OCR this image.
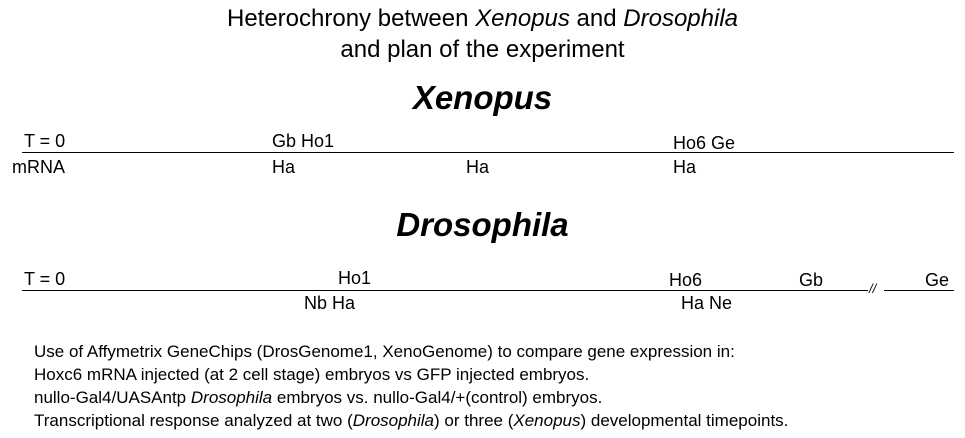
Heterochrony between Xenopus and Drosophila
and plan of the experiment
Xenopus
T = 0
mRNA
Gb Ho1
Ha	Ha
Ho6 Ge
Ha
Drosophila
T = 0	//
Ho1
Nb Ha
Ho6
Ha Ne
Gb	Ge
Use of Affymetrix GeneChips (DrosGenome1, XenoGenome) to compare gene expression in:
Hoxc6 mRNA injected (at 2 cell stage) embryos vs GFP injected embryos.
nullo-Gal4/UASAntp Drosophila embryos vs. nullo-Gal4/+(control) embryos.
Transcriptional response analyzed at two (Drosophila) or three (Xenopus) developmental timepoints.
